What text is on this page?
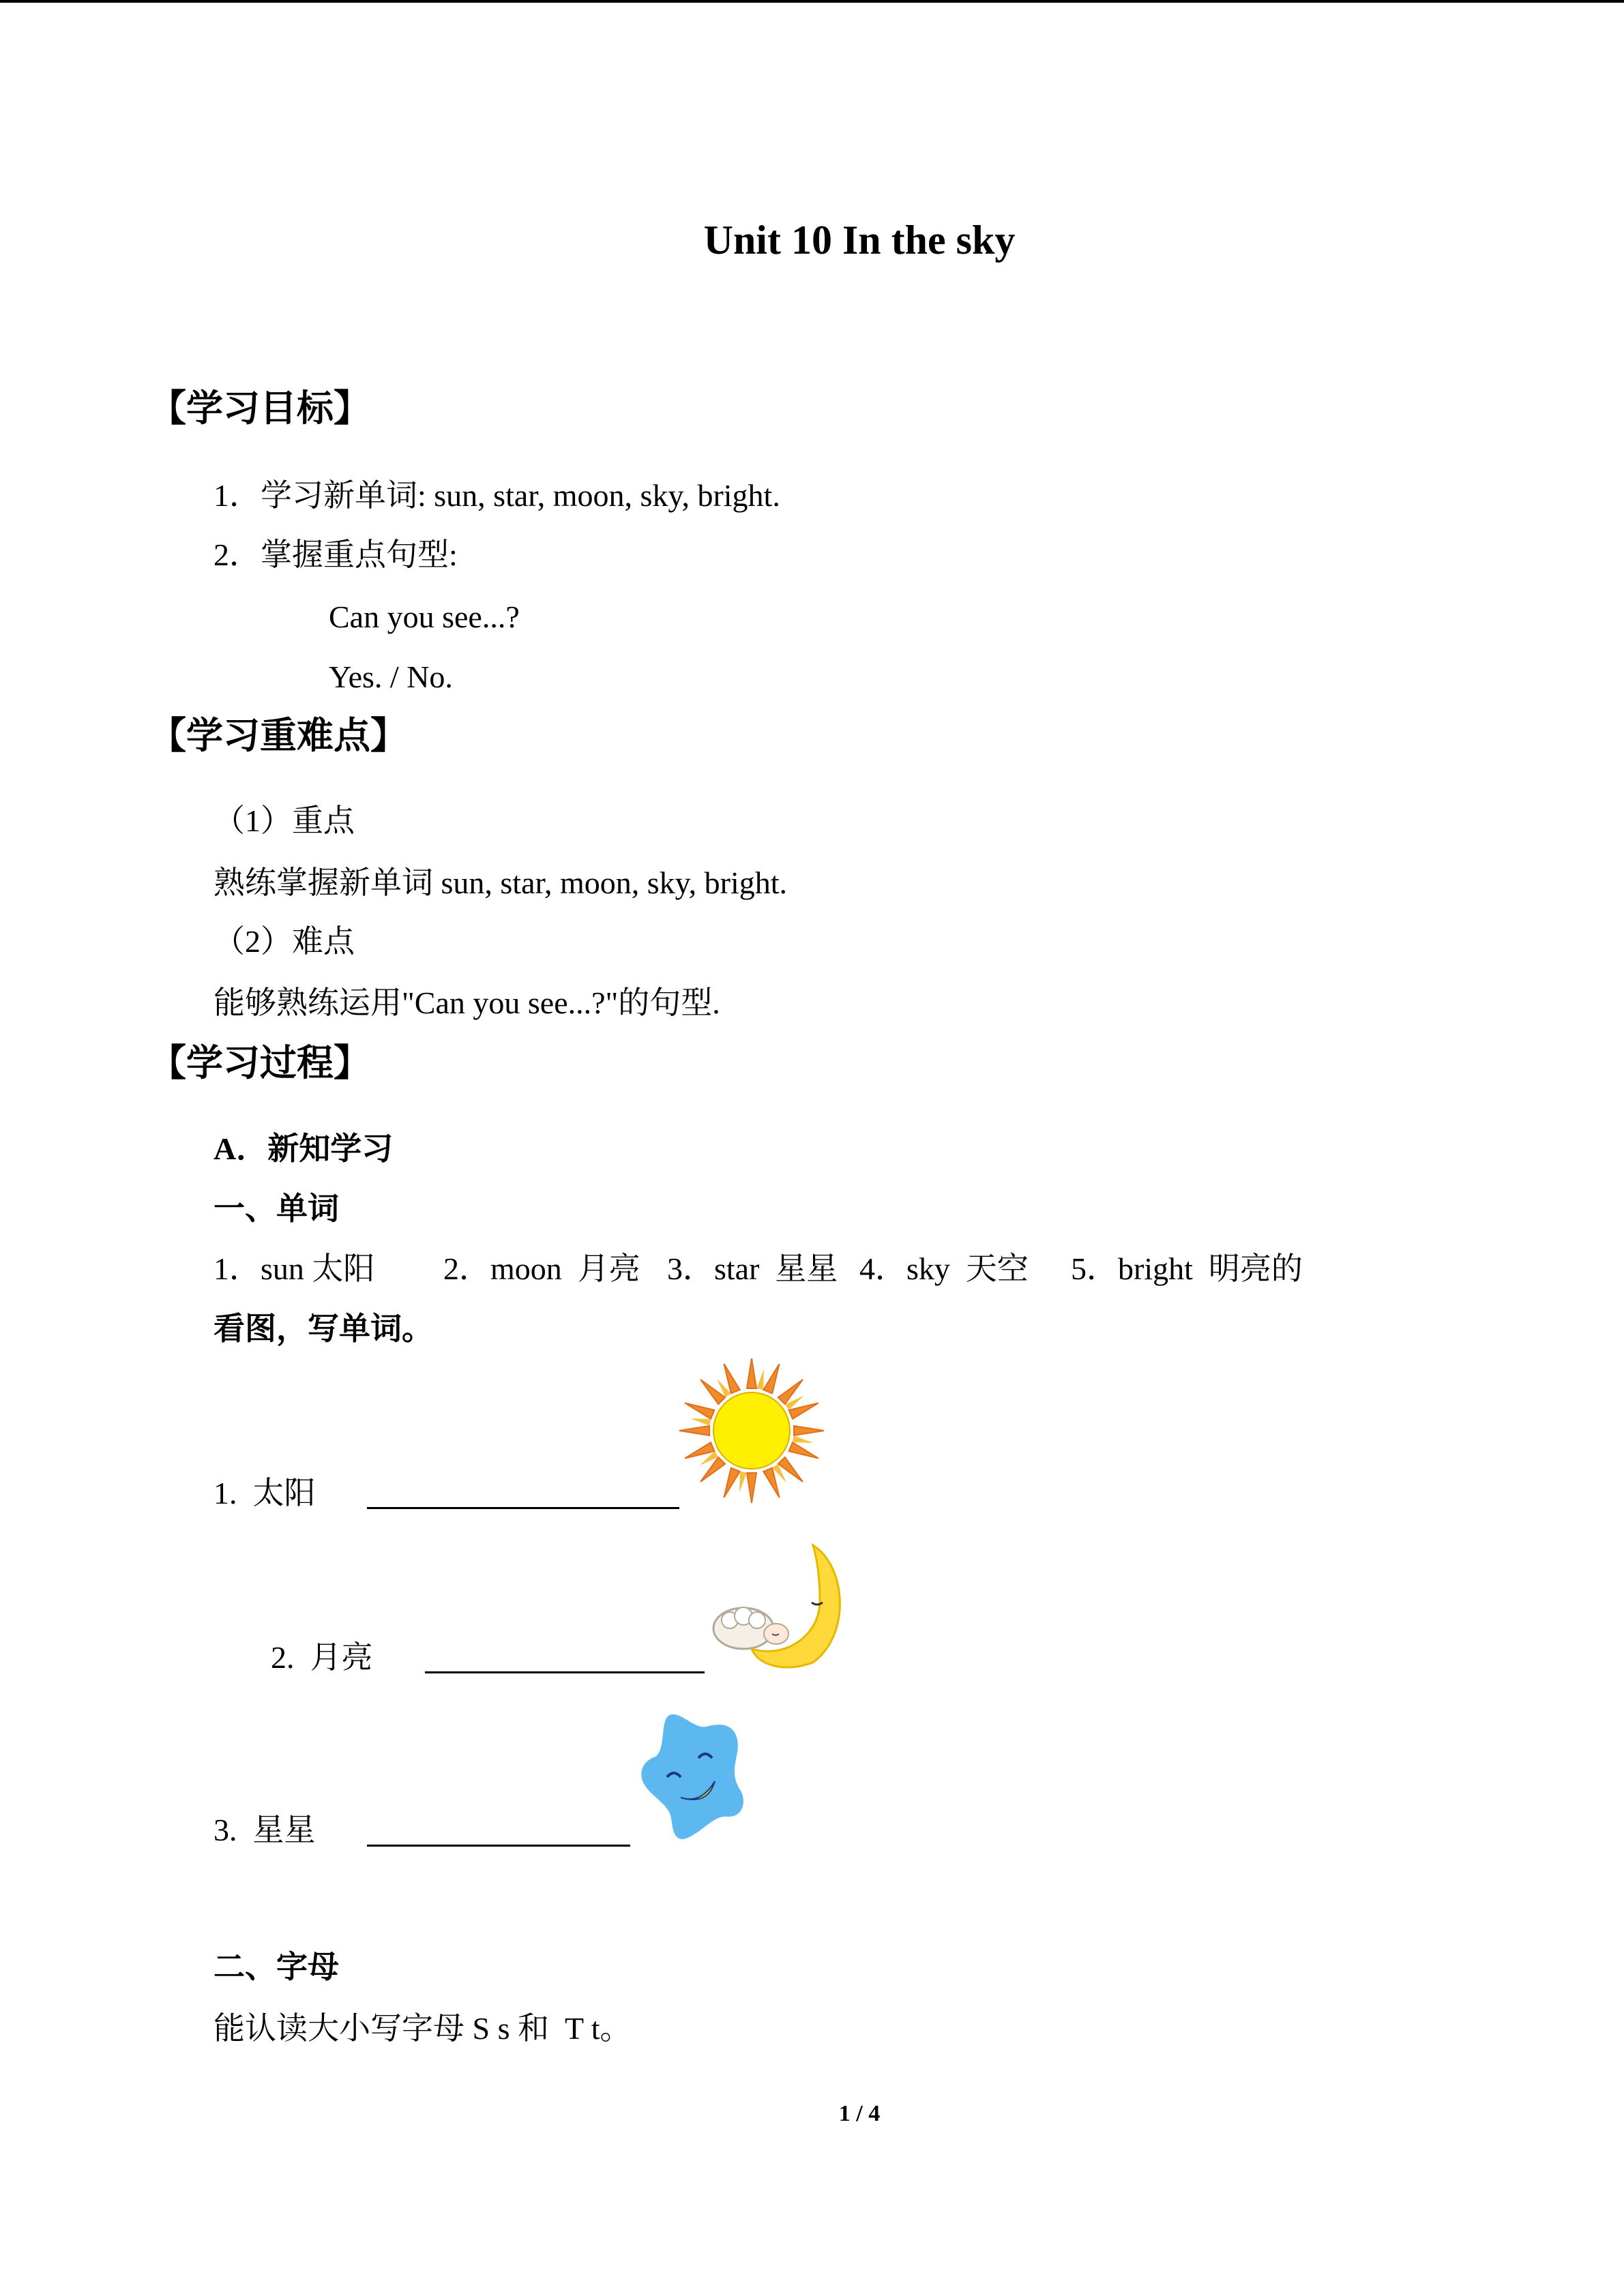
Unit 10 In the sky
【学习目标】
1．学习新单词: sun, star, moon, sky, bright.
2．掌握重点句型:
Can you see...?
Yes. / No.
【学习重难点】
（1）重点
熟练掌握新单词 sun, star, moon, sky, bright.
（2）难点
能够熟练运用"Can you see...?"的句型.
【学习过程】
A．新知学习
一、单词
1．sun 太阳 2．moon  月亮 3．star  星星 4．sky  天空 5．bright  明亮的
看图，写单词。
1.  太阳
2.  月亮
3.  星星
二、字母
能认读大小写字母 S s 和  T t。
1 / 4
